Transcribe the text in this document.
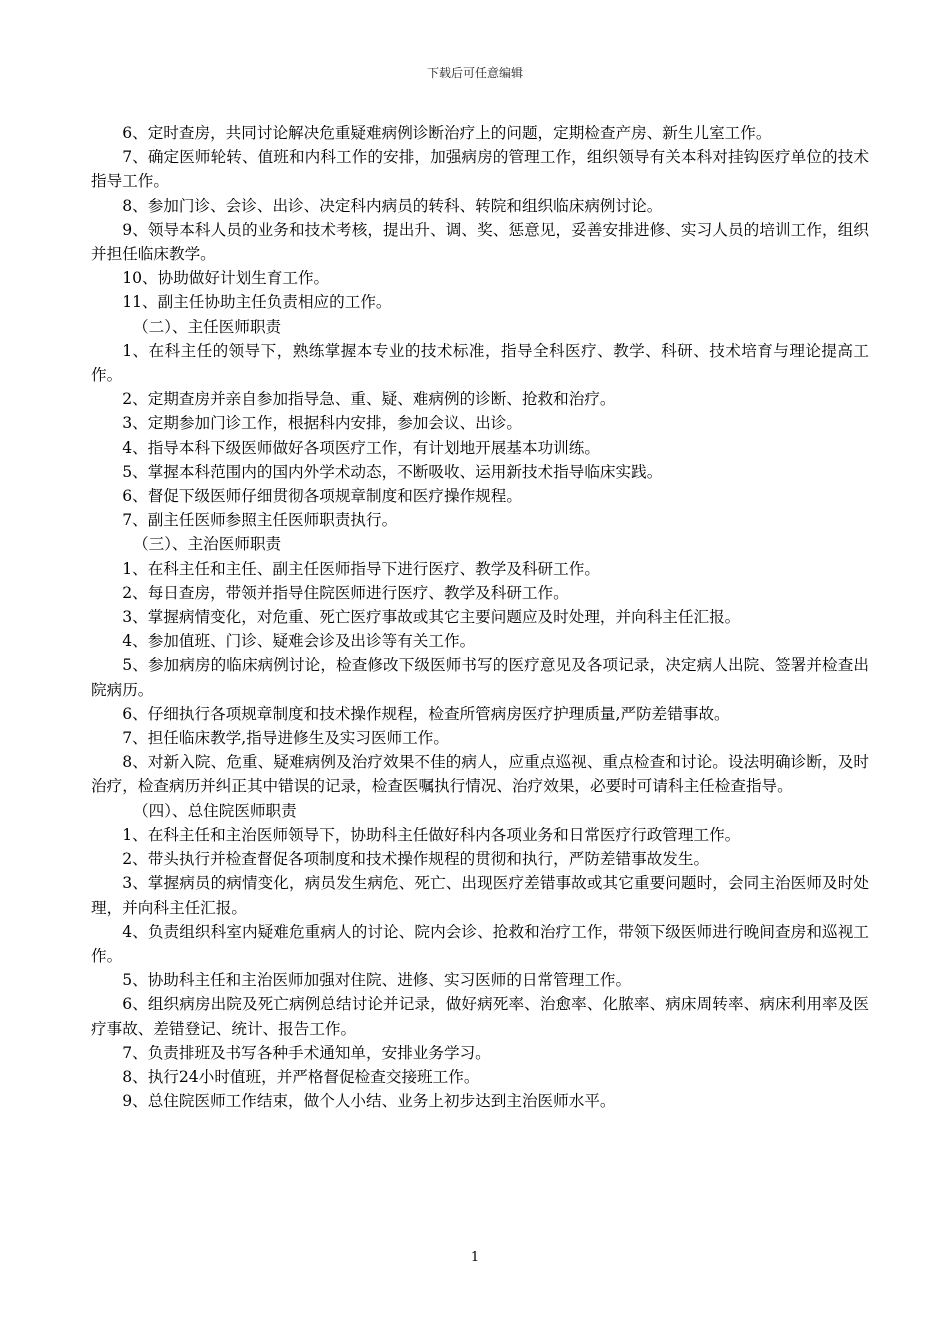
下载后可任意编辑

6、定时查房，共同讨论解决危重疑难病例诊断治疗上的问题，定期检查产房、新生儿室工作。

7、确定医师轮转、值班和内科工作的安排，加强病房的管理工作，组织领导有关本科对挂钩医疗单位的技术指导工作。

8、参加门诊、会诊、出诊、决定科内病员的转科、转院和组织临床病例讨论。

9、领导本科人员的业务和技术考核，提出升、调、奖、惩意见，妥善安排进修、实习人员的培训工作，组织并担任临床教学。

10、协助做好计划生育工作。

11、副主任协助主任负责相应的工作。

（二）、主任医师职责

1、在科主任的领导下，熟练掌握本专业的技术标准，指导全科医疗、教学、科研、技术培育与理论提高工作。

2、定期查房并亲自参加指导急、重、疑、难病例的诊断、抢救和治疗。

3、定期参加门诊工作，根据科内安排，参加会议、出诊。

4、指导本科下级医师做好各项医疗工作，有计划地开展基本功训练。

5、掌握本科范围内的国内外学术动态，不断吸收、运用新技术指导临床实践。

6、督促下级医师仔细贯彻各项规章制度和医疗操作规程。

7、副主任医师参照主任医师职责执行。

（三）、主治医师职责

1、在科主任和主任、副主任医师指导下进行医疗、教学及科研工作。

2、每日查房，带领并指导住院医师进行医疗、教学及科研工作。

3、掌握病情变化，对危重、死亡医疗事故或其它主要问题应及时处理，并向科主任汇报。

4、参加值班、门诊、疑难会诊及出诊等有关工作。

5、参加病房的临床病例讨论，检查修改下级医师书写的医疗意见及各项记录，决定病人出院、签署并检查出院病历。

6、仔细执行各项规章制度和技术操作规程，检查所管病房医疗护理质量,严防差错事故。

7、担任临床教学,指导进修生及实习医师工作。

8、对新入院、危重、疑难病例及治疗效果不佳的病人，应重点巡视、重点检查和讨论。设法明确诊断，及时治疗，检查病历并纠正其中错误的记录，检查医嘱执行情况、治疗效果，必要时可请科主任检查指导。

（四）、总住院医师职责

1、在科主任和主治医师领导下，协助科主任做好科内各项业务和日常医疗行政管理工作。

2、带头执行并检查督促各项制度和技术操作规程的贯彻和执行，严防差错事故发生。

3、掌握病员的病情变化，病员发生病危、死亡、出现医疗差错事故或其它重要问题时，会同主治医师及时处理，并向科主任汇报。

4、负责组织科室内疑难危重病人的讨论、院内会诊、抢救和治疗工作，带领下级医师进行晚间查房和巡视工作。

5、协助科主任和主治医师加强对住院、进修、实习医师的日常管理工作。

6、组织病房出院及死亡病例总结讨论并记录，做好病死率、治愈率、化脓率、病床周转率、病床利用率及医疗事故、差错登记、统计、报告工作。

7、负责排班及书写各种手术通知单，安排业务学习。

8、执行24小时值班，并严格督促检查交接班工作。

9、总住院医师工作结束，做个人小结、业务上初步达到主治医师水平。

1
